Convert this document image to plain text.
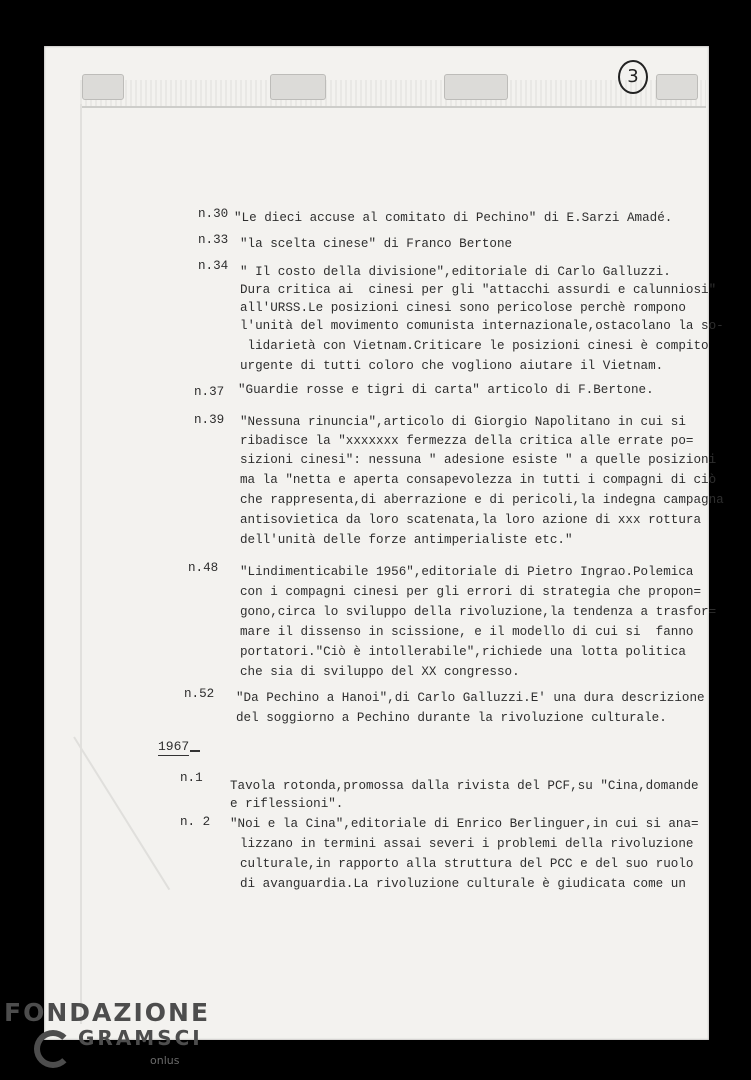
3
n.30 "Le dieci accuse al comitato di Pechino" di E.Sarzi Amadé.
n.33 "la scelta cinese" di Franco Bertone
n.34 " Il costo della divisione",editoriale di Carlo Galluzzi.
Dura critica ai  cinesi per gli "attacchi assurdi e calunniosi"
all'URSS.Le posizioni cinesi sono pericolose perchè rompono
l'unità del movimento comunista internazionale,ostacolano la so-
lidarietà con Vietnam.Criticare le posizioni cinesi è compito
urgente di tutti coloro che vogliono aiutare il Vietnam.
n.37 "Guardie rosse e tigri di carta" articolo di F.Bertone.
n.39 "Nessuna rinuncia",articolo di Giorgio Napolitano in cui si
ribadisce la "xxxxxxx fermezza della critica alle errate po=
sizioni cinesi": nessuna " adesione esiste " a quelle posizioni
ma la "netta e aperta consapevolezza in tutti i compagni di ciò
che rappresenta,di aberrazione e di pericoli,la indegna campagna
antisovietica da loro scatenata,la loro azione di xxx rottura
dell'unità delle forze antimperialiste etc."
n.48 "Lindimenticabile 1956",editoriale di Pietro Ingrao.Polemica
con i compagni cinesi per gli errori di strategia che propon=
gono,circa lo sviluppo della rivoluzione,la tendenza a trasfor=
mare il dissenso in scissione, e il modello di cui si  fanno
portatori."Ciò è intollerabile",richiede una lotta politica
che sia di sviluppo del XX congresso.
n.52 "Da Pechino a Hanoi",di Carlo Galluzzi.E' una dura descrizione
del soggiorno a Pechino durante la rivoluzione culturale.
1967
n.1
Tavola rotonda,promossa dalla rivista del PCF,su "Cina,domande
e riflessioni".
n. 2 "Noi e la Cina",editoriale di Enrico Berlinguer,in cui si ana=
lizzano in termini assai severi i problemi della rivoluzione
culturale,in rapporto alla struttura del PCC e del suo ruolo
di avanguardia.La rivoluzione culturale è giudicata come un
FONDAZIONE
GRAMSCI
onlus
